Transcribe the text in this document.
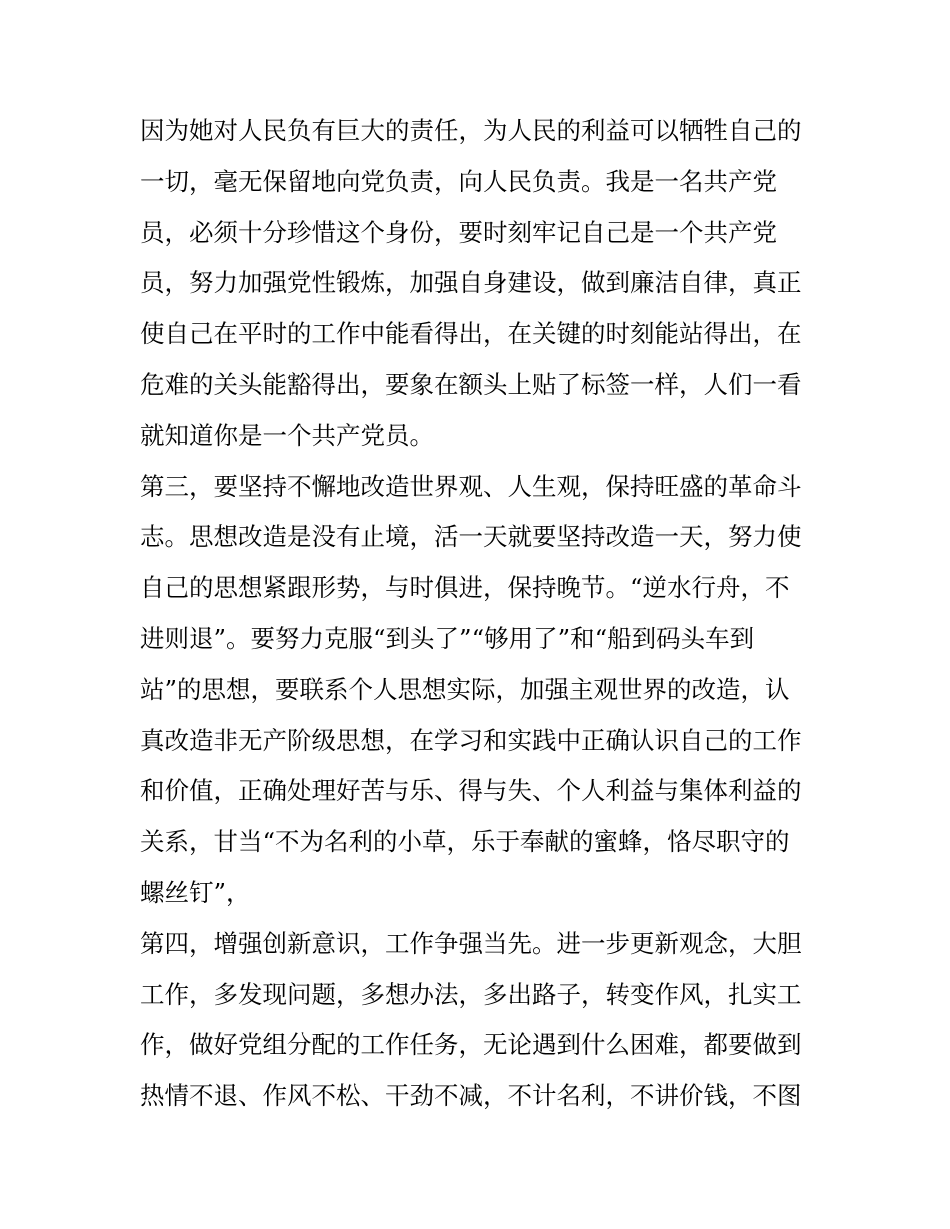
因为她对人民负有巨大的责任，为人民的利益可以牺牲自己的
一切，毫无保留地向党负责，向人民负责。我是一名共产党
员，必须十分珍惜这个身份，要时刻牢记自己是一个共产党
员，努力加强党性锻炼，加强自身建设，做到廉洁自律，真正
使自己在平时的工作中能看得出，在关键的时刻能站得出，在
危难的关头能豁得出，要象在额头上贴了标签一样，人们一看
就知道你是一个共产党员。
第三，要坚持不懈地改造世界观、人生观，保持旺盛的革命斗
志。思想改造是没有止境，活一天就要坚持改造一天，努力使
自己的思想紧跟形势，与时俱进，保持晚节。“逆水行舟，不
进则退”。要努力克服“到头了”“够用了”和“船到码头车到
站”的思想，要联系个人思想实际，加强主观世界的改造，认
真改造非无产阶级思想，在学习和实践中正确认识自己的工作
和价值，正确处理好苦与乐、得与失、个人利益与集体利益的
关系，甘当“不为名利的小草，乐于奉献的蜜蜂，恪尽职守的
螺丝钉”，
第四，增强创新意识，工作争强当先。进一步更新观念，大胆
工作，多发现问题，多想办法，多出路子，转变作风，扎实工
作，做好党组分配的工作任务，无论遇到什么困难，都要做到
热情不退、作风不松、干劲不减，不计名利，不讲价钱，不图
